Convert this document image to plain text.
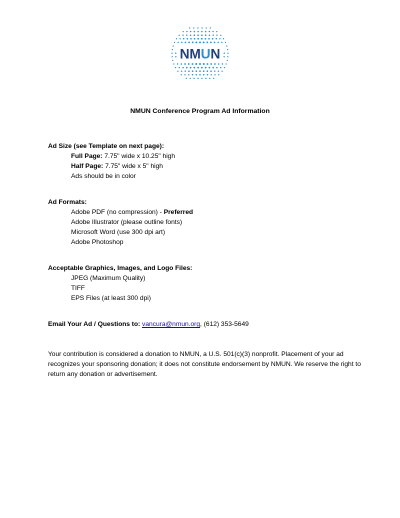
NMUN
NMUN Conference Program Ad Information
Ad Size (see Template on next page):
Full Page: 7.75" wide x 10.25" high
Half Page: 7.75" wide x 5" high
Ads should be in color
Ad Formats:
Adobe PDF (no compression) - Preferred
Adobe Illustrator (please outline fonts)
Microsoft Word (use 300 dpi art)
Adobe Photoshop
Acceptable Graphics, Images, and Logo Files:
JPEG (Maximum Quality)
TIFF
EPS Files (at least 300 dpi)
Email Your Ad / Questions to: vancura@nmun.org, (612) 353-5649
Your contribution is considered a donation to NMUN, a U.S. 501(c)(3) nonprofit. Placement of your ad recognizes your sponsoring donation; it does not constitute endorsement by NMUN. We reserve the right to return any donation or advertisement.
